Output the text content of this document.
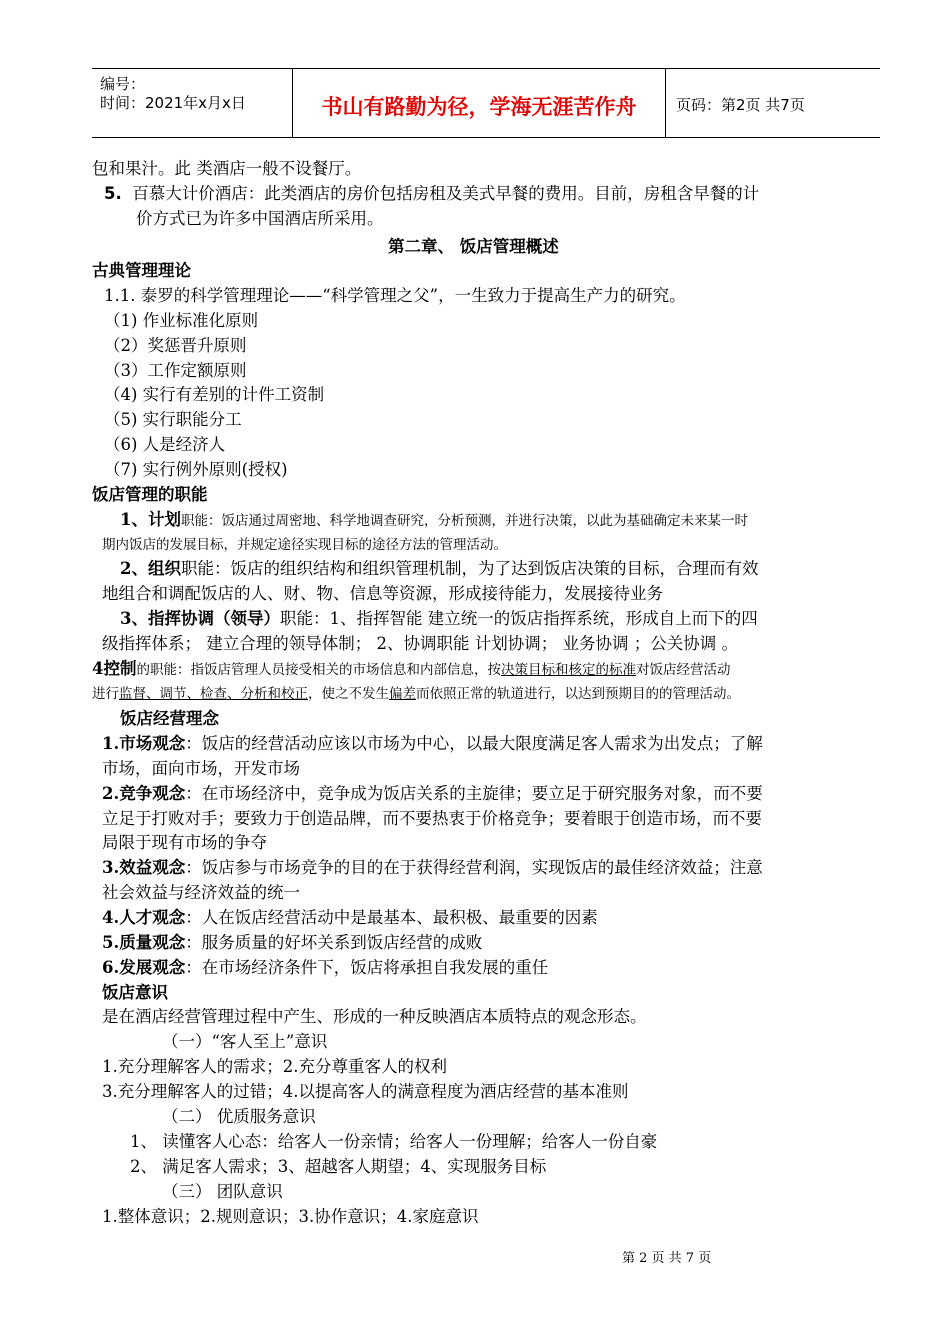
编号：
时间：2021年x月x日	书山有路勤为径，学海无涯苦作舟	页码：第2页 共7页
包和果汁。此 类酒店一般不设餐厅。
5. 百慕大计价酒店：此类酒店的房价包括房租及美式早餐的费用。目前，房租含早餐的计
价方式已为许多中国酒店所采用。
第二章、 饭店管理概述
古典管理理论
1.1. 泰罗的科学管理理论——“科学管理之父”，一生致力于提高生产力的研究。
（1) 作业标准化原则
（2）奖惩晋升原则
（3）工作定额原则
（4) 实行有差别的计件工资制
（5) 实行职能分工
（6) 人是经济人
（7) 实行例外原则(授权)
饭店管理的职能
1、计划职能：饭店通过周密地、科学地调查研究，分析预测，并进行决策，以此为基础确定未来某一时
期内饭店的发展目标，并规定途径实现目标的途径方法的管理活动。
2、组织职能：饭店的组织结构和组织管理机制，为了达到饭店决策的目标，合理而有效
地组合和调配饭店的人、财、物、信息等资源，形成接待能力，发展接待业务
3、指挥协调（领导）职能：1、指挥智能 建立统一的饭店指挥系统，形成自上而下的四
级指挥体系； 建立合理的领导体制； 2、协调职能 计划协调； 业务协调 ；公关协调 。
4控制的职能：指饭店管理人员接受相关的市场信息和内部信息，按决策目标和核定的标准对饭店经营活动
进行监督、调节、检查、分析和校正，使之不发生偏差而依照正常的轨道进行，以达到预期目的的管理活动。
饭店经营理念
1.市场观念：饭店的经营活动应该以市场为中心，以最大限度满足客人需求为出发点；了解
市场，面向市场，开发市场
2.竞争观念：在市场经济中，竞争成为饭店关系的主旋律；要立足于研究服务对象，而不要
立足于打败对手；要致力于创造品牌，而不要热衷于价格竞争；要着眼于创造市场，而不要
局限于现有市场的争夺
3.效益观念：饭店参与市场竞争的目的在于获得经营利润，实现饭店的最佳经济效益；注意
社会效益与经济效益的统一
4.人才观念：人在饭店经营活动中是最基本、最积极、最重要的因素
5.质量观念：服务质量的好坏关系到饭店经营的成败
6.发展观念：在市场经济条件下，饭店将承担自我发展的重任
饭店意识
是在酒店经营管理过程中产生、形成的一种反映酒店本质特点的观念形态。
（一）“客人至上”意识
1.充分理解客人的需求；2.充分尊重客人的权利
3.充分理解客人的过错；4.以提高客人的满意程度为酒店经营的基本准则
（二） 优质服务意识
1、 读懂客人心态：给客人一份亲情；给客人一份理解；给客人一份自豪
2、 满足客人需求；3、超越客人期望；4、实现服务目标
（三） 团队意识
1.整体意识；2.规则意识；3.协作意识；4.家庭意识
第 2 页 共 7 页
